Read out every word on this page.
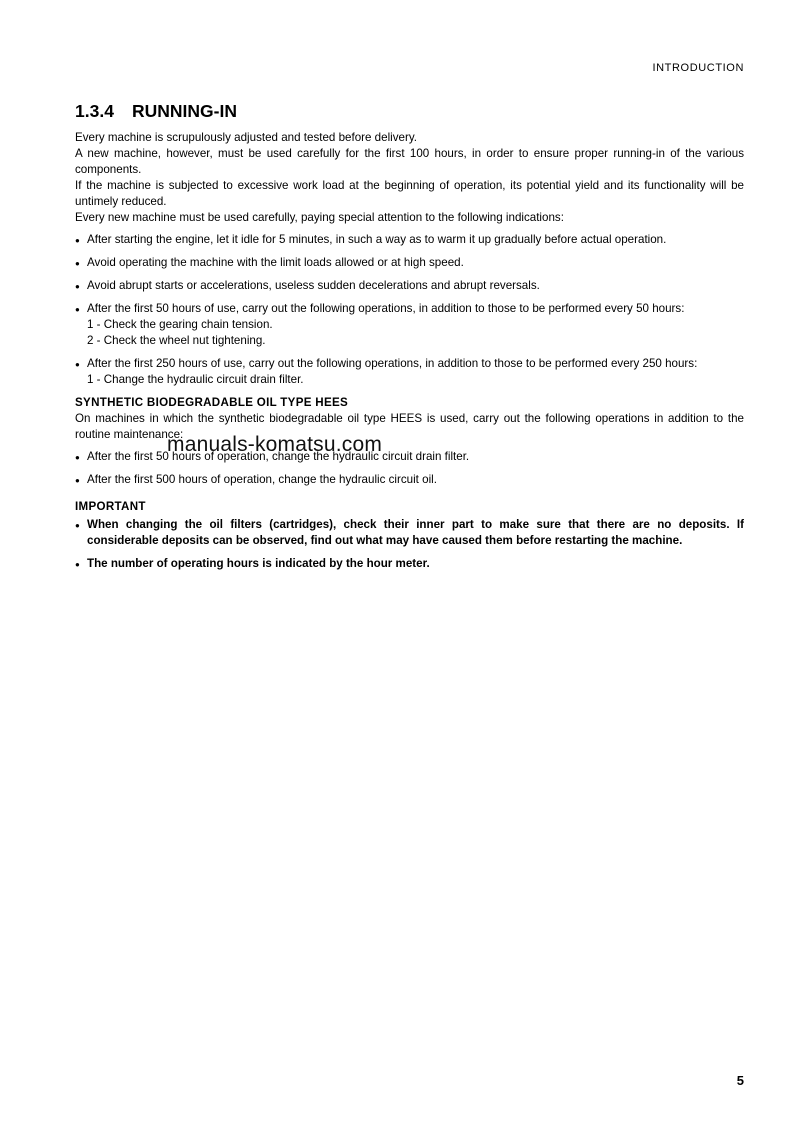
INTRODUCTION
1.3.4 RUNNING-IN

Every machine is scrupulously adjusted and tested before delivery.

A new machine, however, must be used carefully for the first 100 hours, in order to ensure proper running-in of the various components.

If the machine is subjected to excessive work load at the beginning of operation, its potential yield and its functionality will be untimely reduced.

Every new machine must be used carefully, paying special attention to the following indications:

● After starting the engine, let it idle for 5 minutes, in such a way as to warm it up gradually before actual operation.
● Avoid operating the machine with the limit loads allowed or at high speed.
● Avoid abrupt starts or accelerations, useless sudden decelerations and abrupt reversals.
● After the first 50 hours of use, carry out the following operations, in addition to those to be performed every 50 hours:
1 - Check the gearing chain tension.
2 - Check the wheel nut tightening.
● After the first 250 hours of use, carry out the following operations, in addition to those to be performed every 250 hours:
1 - Change the hydraulic circuit drain filter.

SYNTHETIC BIODEGRADABLE OIL TYPE HEES

On machines in which the synthetic biodegradable oil type HEES is used, carry out the following operations in addition to the routine maintenance:

● After the first 50 hours of operation, change the hydraulic circuit drain filter.
● After the first 500 hours of operation, change the hydraulic circuit oil.

IMPORTANT

● When changing the oil filters (cartridges), check their inner part to make sure that there are no deposits. If considerable deposits can be observed, find out what may have caused them before restarting the machine.
● The number of operating hours is indicated by the hour meter.
manuals-komatsu.com
5
